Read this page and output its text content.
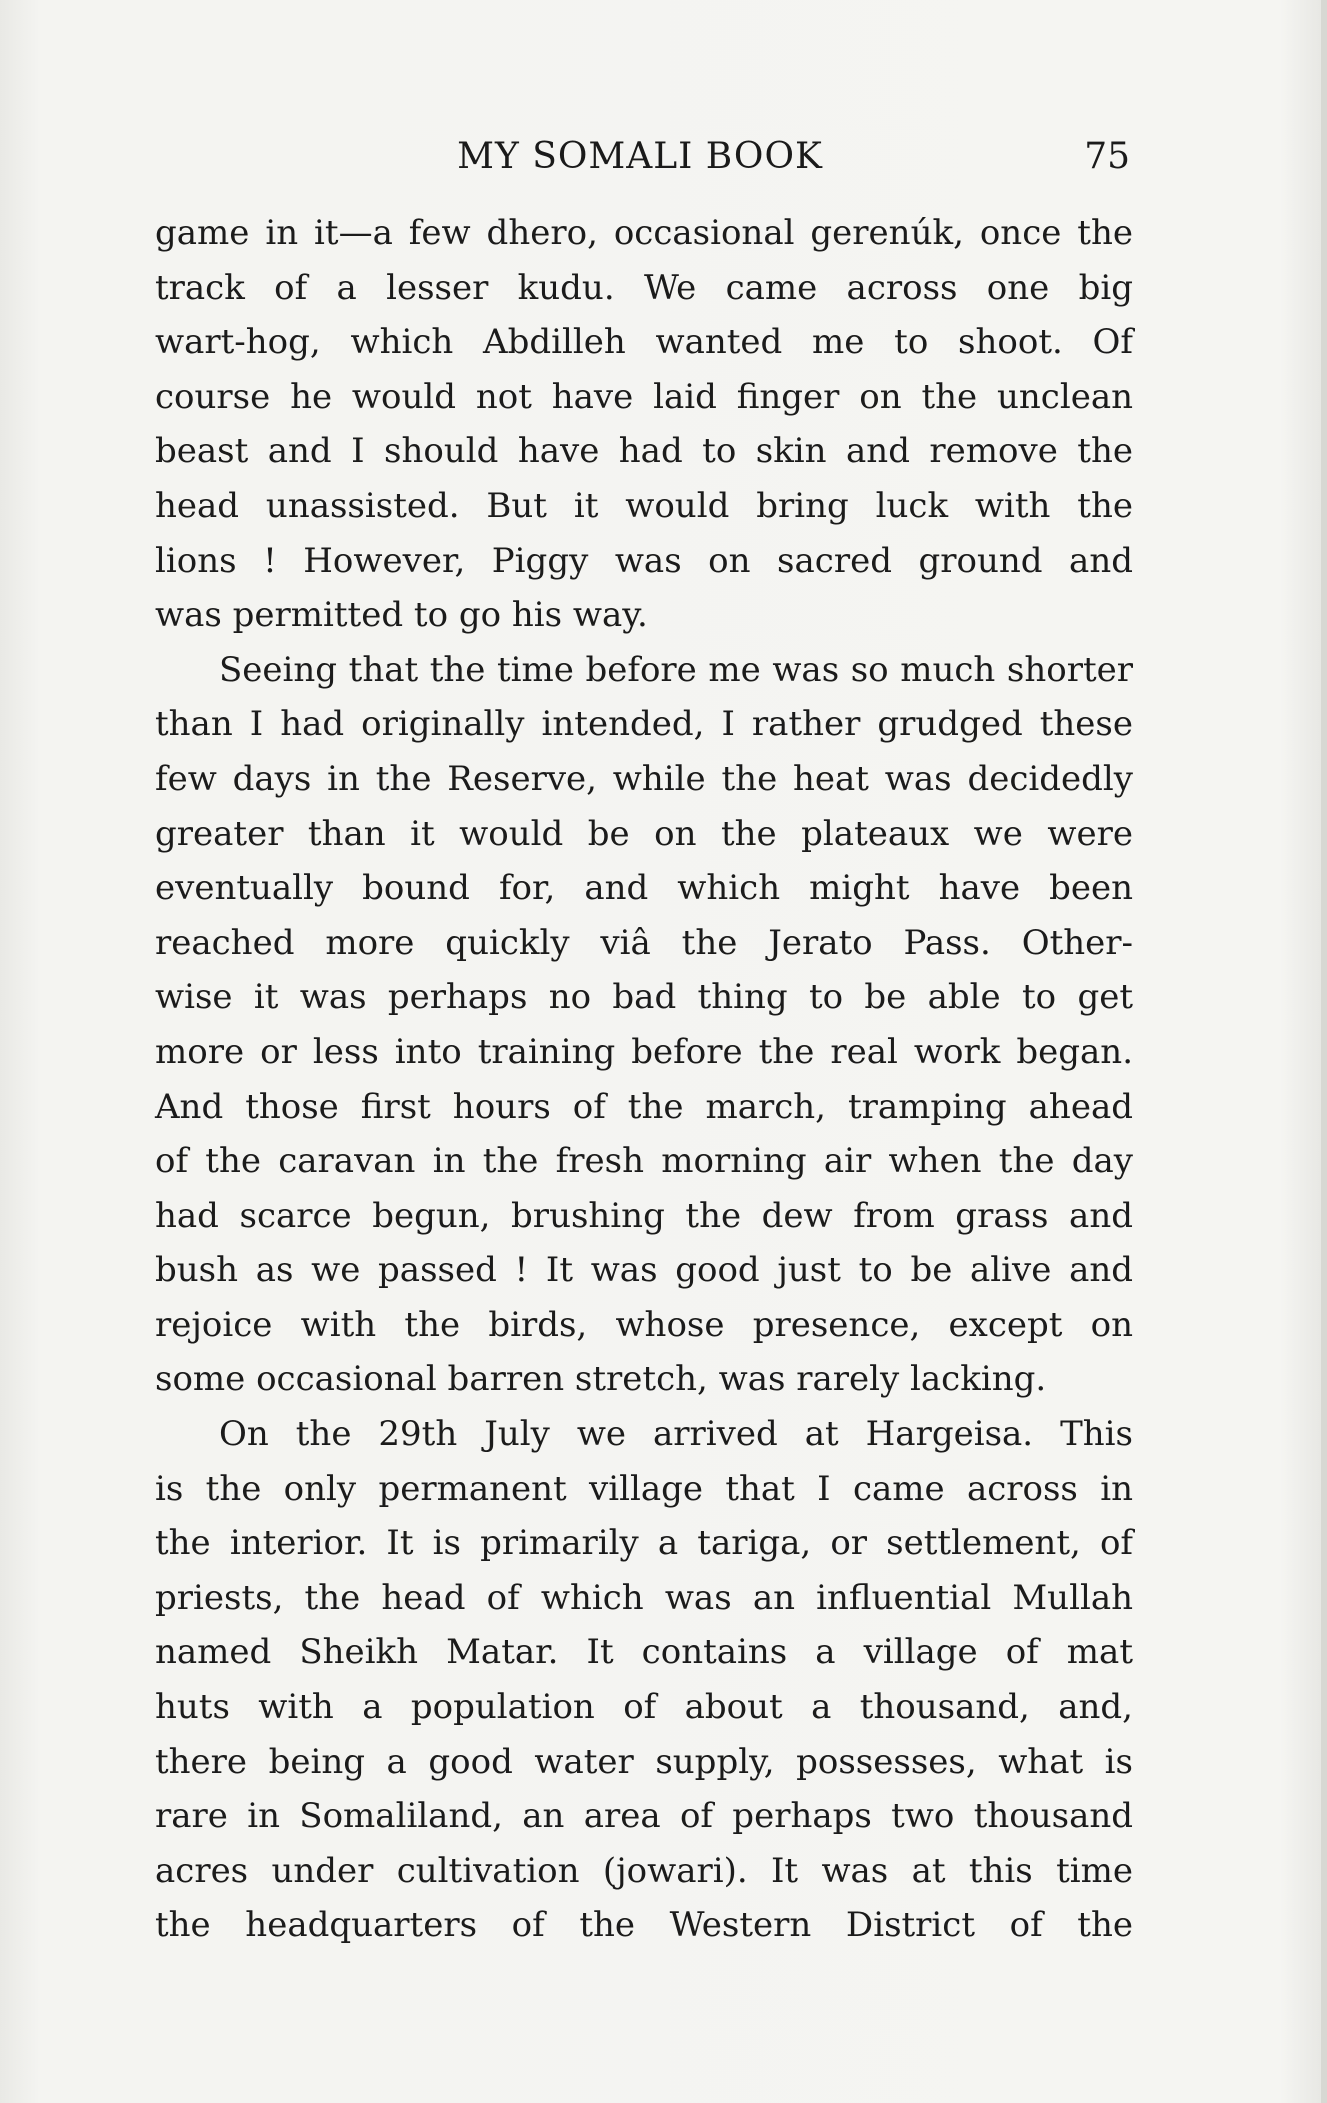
MY SOMALI BOOK	75
game in it—a few dhero, occasional gerenúk, once the
track of a lesser kudu. We came across one big
wart-hog, which Abdilleh wanted me to shoot. Of
course he would not have laid finger on the unclean
beast and I should have had to skin and remove the
head unassisted. But it would bring luck with the
lions ! However, Piggy was on sacred ground and
was permitted to go his way.
Seeing that the time before me was so much shorter
than I had originally intended, I rather grudged these
few days in the Reserve, while the heat was decidedly
greater than it would be on the plateaux we were
eventually bound for, and which might have been
reached more quickly viâ the Jerato Pass. Other-
wise it was perhaps no bad thing to be able to get
more or less into training before the real work began.
And those first hours of the march, tramping ahead
of the caravan in the fresh morning air when the day
had scarce begun, brushing the dew from grass and
bush as we passed ! It was good just to be alive and
rejoice with the birds, whose presence, except on
some occasional barren stretch, was rarely lacking.
On the 29th July we arrived at Hargeisa. This
is the only permanent village that I came across in
the interior. It is primarily a tariga, or settlement, of
priests, the head of which was an influential Mullah
named Sheikh Matar. It contains a village of mat
huts with a population of about a thousand, and,
there being a good water supply, possesses, what is
rare in Somaliland, an area of perhaps two thousand
acres under cultivation (jowari). It was at this time
the headquarters of the Western District of the
